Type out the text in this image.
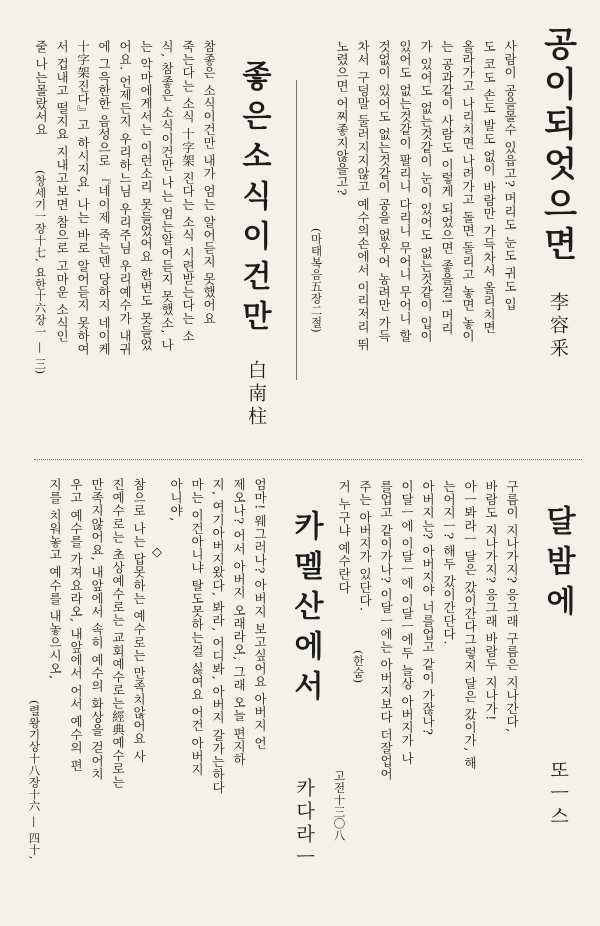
공이되엇으면
李容釆
사람이 공을몰수 있읍고? 머리도 눈도 귀도 입
도 코도 손도 발도 없이 바람만 가득차서 올리치면
올라가고 나리치면 나려가고 돌면 돌리고 놓면 놓이
는 공과같이 사람도 이렇게 되었으면 좋을걸! 머리
가 있어도 없는것같이 눈이 있어도 없는것같이 입이
있어도 없는것같이 팔리니 다리니 무어니 무어니 할
것없이 있어도 없는것같이 공을 없우어 농려만 가득
차서 구덩말 둘러지지않고 예수의손에서 이리저리 뛰
노렸으면 어찌좋지않을고?
(마태복음五장二절)
좋은소식이건만
白南柱
참좋은 소식이건만 내가 엄는 알어듣지 못했어요
죽는다는 소식 十字架 진다는 소식 시련받는다는 소
식, 참좋은 소식이건만 나는 엄는알어듣지 못했소, 나
는 악마에게서는 이런소리 못들었어요 한번도 못들었
어요. 언제든지 우리하느님 우리주님 우리예수가 내귀
에 그윽한한 음성으로 『네이제 죽는덴 당하지 네이케
十字架진다』고 하시지요, 나는 바로 알어듣지 못하여
서 겁내고 떨지요 지내고보면 참으로 고마운 소식인
줄 나는몰랐서요
(창세기一장十七, 요한十六장一 — 三)
달밤에
또ㅡ스
구름이 지나가지? 응그래 구름은 지나간다,
바람도 지나가지? 응그래 바람두 지나가!
아ㅡ봐라ㅡ 달은 갔이간다그렇지 달은 갔이가, 해
는어지ㅡ? 해두 갔이간단다.
아버지는? 아버지야 너를업고 같이 가잖나?
이달ㅡ에 이달ㅡ에 이달ㅡ에두 늘상 아버지가 나
를업고 같이가나? 이달ㅡ에는 아버지보다 더잘업어
주는 아버지가 있단다.
거 누구냐 예수란다
(한숨)
고전十三〇八
카멜산에서
카다라ㅡ
엄마! 웨그러나? 아버지 보고싶어요 아버지 언
제오나? 어서 아버지 오래라오, 그래 오늘 편지하
지, 여기아버지왔다, 봐라, 어디봐, 아버지 갈가는하다
마는 이건아니냐 탈도못하는걸 싫여요 어건 아버지
아니야,
◇
참으로 나는 답못하는 예수로는 만족치않어요 사
진예수로는 초상예수로는 교회예수로는經典예수로는
만족지않어요, 내앞에서 속히 예수의 화상을 걷어치
우고 예수를 가져요라오, 내앞에서 어서 예수의 편
지를 치워놓고 예수를 내놓으시오,
(렬왕기상十八장十六 — 四十,
